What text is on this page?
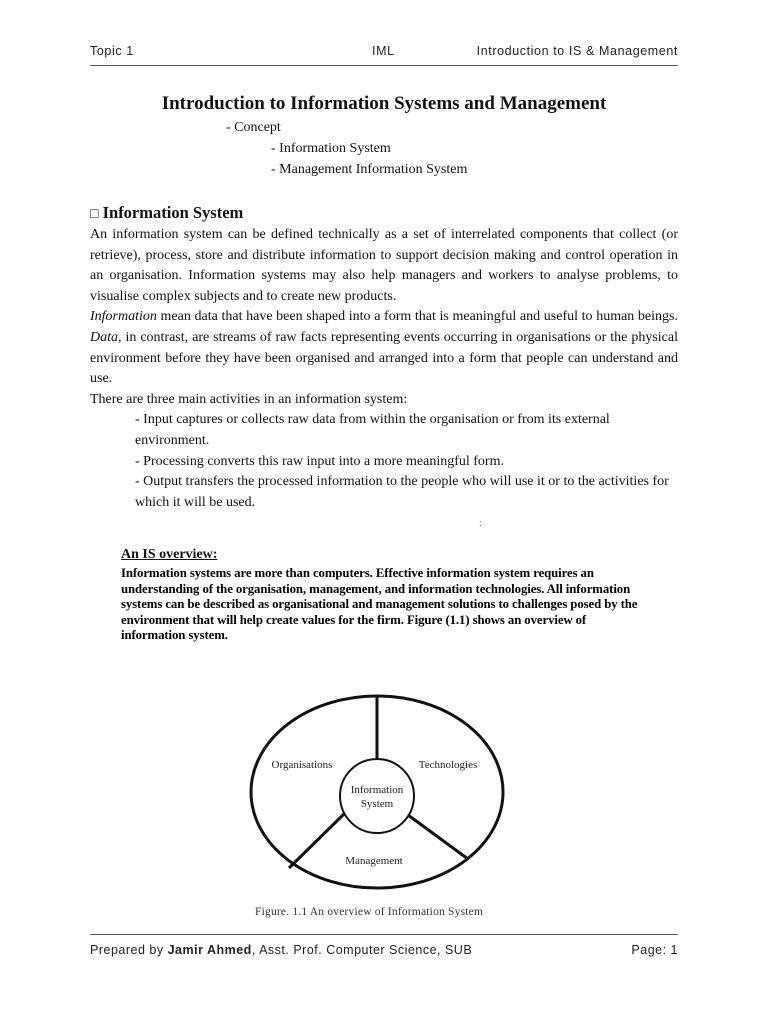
Topic 1	IML	Introduction to IS & Management
Introduction to Information Systems and Management
- Concept
- Information System
- Management Information System
□ Information System

An information system can be defined technically as a set of interrelated components that collect (or retrieve), process, store and distribute information to support decision making and control operation in an organisation. Information systems may also help managers and workers to analyse problems, to visualise complex subjects and to create new products.

Information mean data that have been shaped into a form that is meaningful and useful to human beings. Data, in contrast, are streams of raw facts representing events occurring in organisations or the physical environment before they have been organised and arranged into a form that people can understand and use.

There are three main activities in an information system:

- Input captures or collects raw data from within the organisation or from its external environment.

- Processing converts this raw input into a more meaningful form.

- Output transfers the processed information to the people who will use it or to the activities for which it will be used.

:
An IS overview:
Information systems are more than computers. Effective information system requires an understanding of the organisation, management, and information technologies. All information systems can be described as organisational and management solutions to challenges posed by the environment that will help create values for the firm. Figure (1.1) shows an overview of information system.
Organisations	Technologies
Management
Information
System
Figure. 1.1 An overview of Information System
Prepared by Jamir Ahmed, Asst. Prof. Computer Science, SUB	Page: 1
